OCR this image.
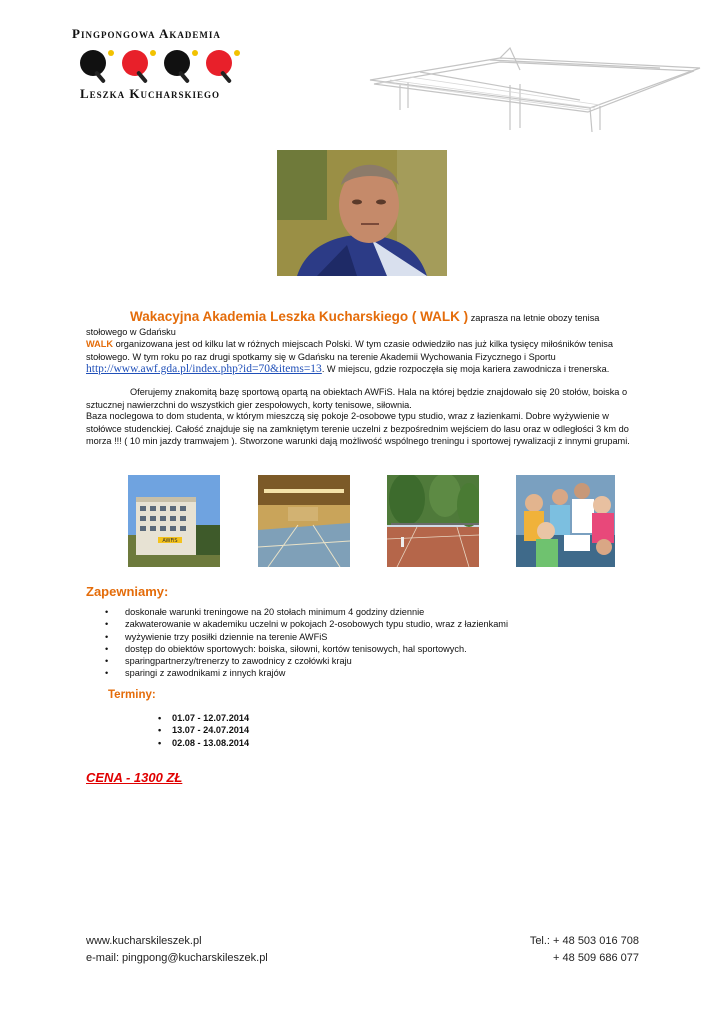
Pingpongowa Akademia
Leszka Kucharskiego
Wakacyjna Akademia Leszka Kucharskiego ( WALK ) zaprasza na letnie obozy tenisa
stołowego w Gdańsku
WALK organizowana jest od kilku lat w różnych miejscach Polski. W tym czasie odwiedziło nas już kilka tysięcy miłośników tenisa stołowego. W tym roku po raz drugi spotkamy się w Gdańsku na terenie Akademii Wychowania Fizycznego i Sportu http://www.awf.gda.pl/index.php?id=70&items=13. W miejscu, gdzie rozpoczęła się moja kariera zawodnicza i trenerska.
Oferujemy znakomitą bazę sportową opartą na obiektach AWFiS. Hala na której będzie znajdowało się 20 stołów, boiska o sztucznej nawierzchni do wszystkich gier zespołowych, korty tenisowe, siłownia.
Baza noclegowa to dom studenta, w którym mieszczą się pokoje 2-osobowe typu studio, wraz z łazienkami. Dobre wyżywienie w stołówce studenckiej. Całość znajduje się na zamkniętym terenie uczelni z bezpośrednim wejściem do lasu oraz w odległości 3 km do morza !!! ( 10 min jazdy tramwajem ). Stworzone warunki dają możliwość wspólnego treningu i sportowej rywalizacji z innymi grupami.
AWFiS
Zapewniamy:
• doskonałe warunki treningowe na 20 stołach minimum 4 godziny dziennie
• zakwaterowanie w akademiku uczelni w pokojach 2-osobowych typu studio, wraz z łazienkami
• wyżywienie trzy posiłki dziennie na terenie AWFiS
• dostęp do obiektów sportowych: boiska, siłowni, kortów tenisowych, hal sportowych.
• sparingpartnerzy/trenerzy to zawodnicy z czołówki kraju
• sparingi z zawodnikami z innych krajów
Terminy:
• 01.07 - 12.07.2014
• 13.07 - 24.07.2014
• 02.08 - 13.08.2014
CENA - 1300 ZŁ
www.kucharskileszek.pl
e-mail: pingpong@kucharskileszek.pl
Tel.: + 48 503 016 708
+ 48 509 686 077
